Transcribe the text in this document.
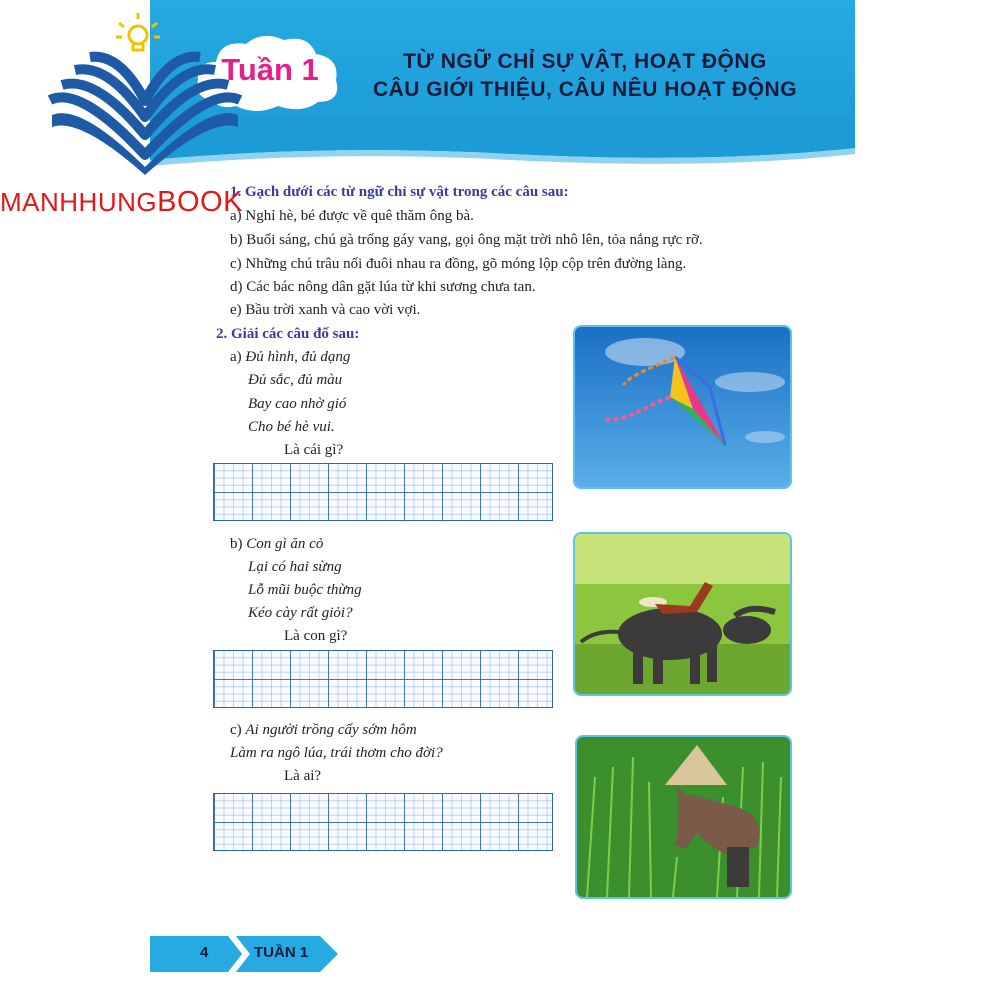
Tuần 1	TỪ NGỮ CHỈ SỰ VẬT, HOẠT ĐỘNG
CÂU GIỚI THIỆU, CÂU NÊU HOẠT ĐỘNG
MANHHUNGBOOK
1. Gạch dưới các từ ngữ chỉ sự vật trong các câu sau:
a) Nghỉ hè, bé được về quê thăm ông bà.
b) Buổi sáng, chú gà trống gáy vang, gọi ông mặt trời nhô lên, tỏa nắng rực rỡ.
c) Những chú trâu nối đuôi nhau ra đồng, gõ móng lộp cộp trên đường làng.
d) Các bác nông dân gặt lúa từ khi sương chưa tan.
e) Bầu trời xanh và cao vời vợi.
2. Giải các câu đố sau:
a) Đủ hình, đủ dạng
Đủ sắc, đủ màu
Bay cao nhờ gió
Cho bé hè vui.
Là cái gì?
b) Con gì ăn cỏ
Lại có hai sừng
Lỗ mũi buộc thừng
Kéo cày rất giỏi?
Là con gì?
c) Ai người trồng cấy sớm hôm
Làm ra ngô lúa, trái thơm cho đời?
Là ai?
4	TUẦN 1
